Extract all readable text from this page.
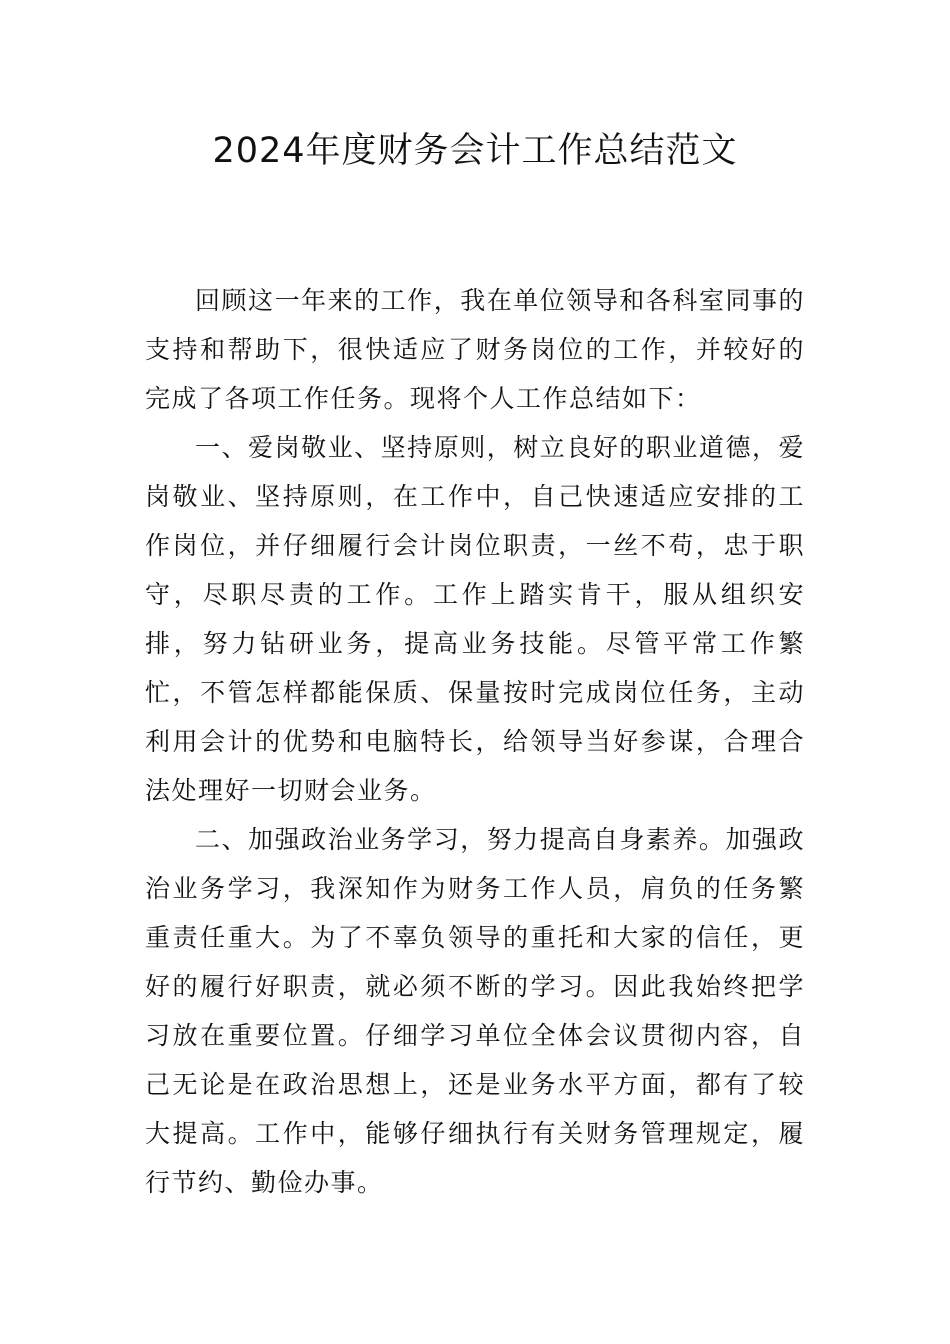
2024年度财务会计工作总结范文

回顾这一年来的工作，我在单位领导和各科室同事的支持和帮助下，很快适应了财务岗位的工作，并较好的完成了各项工作任务。现将个人工作总结如下：

一、爱岗敬业、坚持原则，树立良好的职业道德，爱岗敬业、坚持原则，在工作中，自己快速适应安排的工作岗位，并仔细履行会计岗位职责，一丝不苟，忠于职守，尽职尽责的工作。工作上踏实肯干，服从组织安排，努力钻研业务，提高业务技能。尽管平常工作繁忙，不管怎样都能保质、保量按时完成岗位任务，主动利用会计的优势和电脑特长，给领导当好参谋，合理合法处理好一切财会业务。

二、加强政治业务学习，努力提高自身素养。加强政治业务学习，我深知作为财务工作人员，肩负的任务繁重责任重大。为了不辜负领导的重托和大家的信任，更好的履行好职责，就必须不断的学习。因此我始终把学习放在重要位置。仔细学习单位全体会议贯彻内容，自己无论是在政治思想上，还是业务水平方面，都有了较大提高。工作中，能够仔细执行有关财务管理规定，履行节约、勤俭办事。
